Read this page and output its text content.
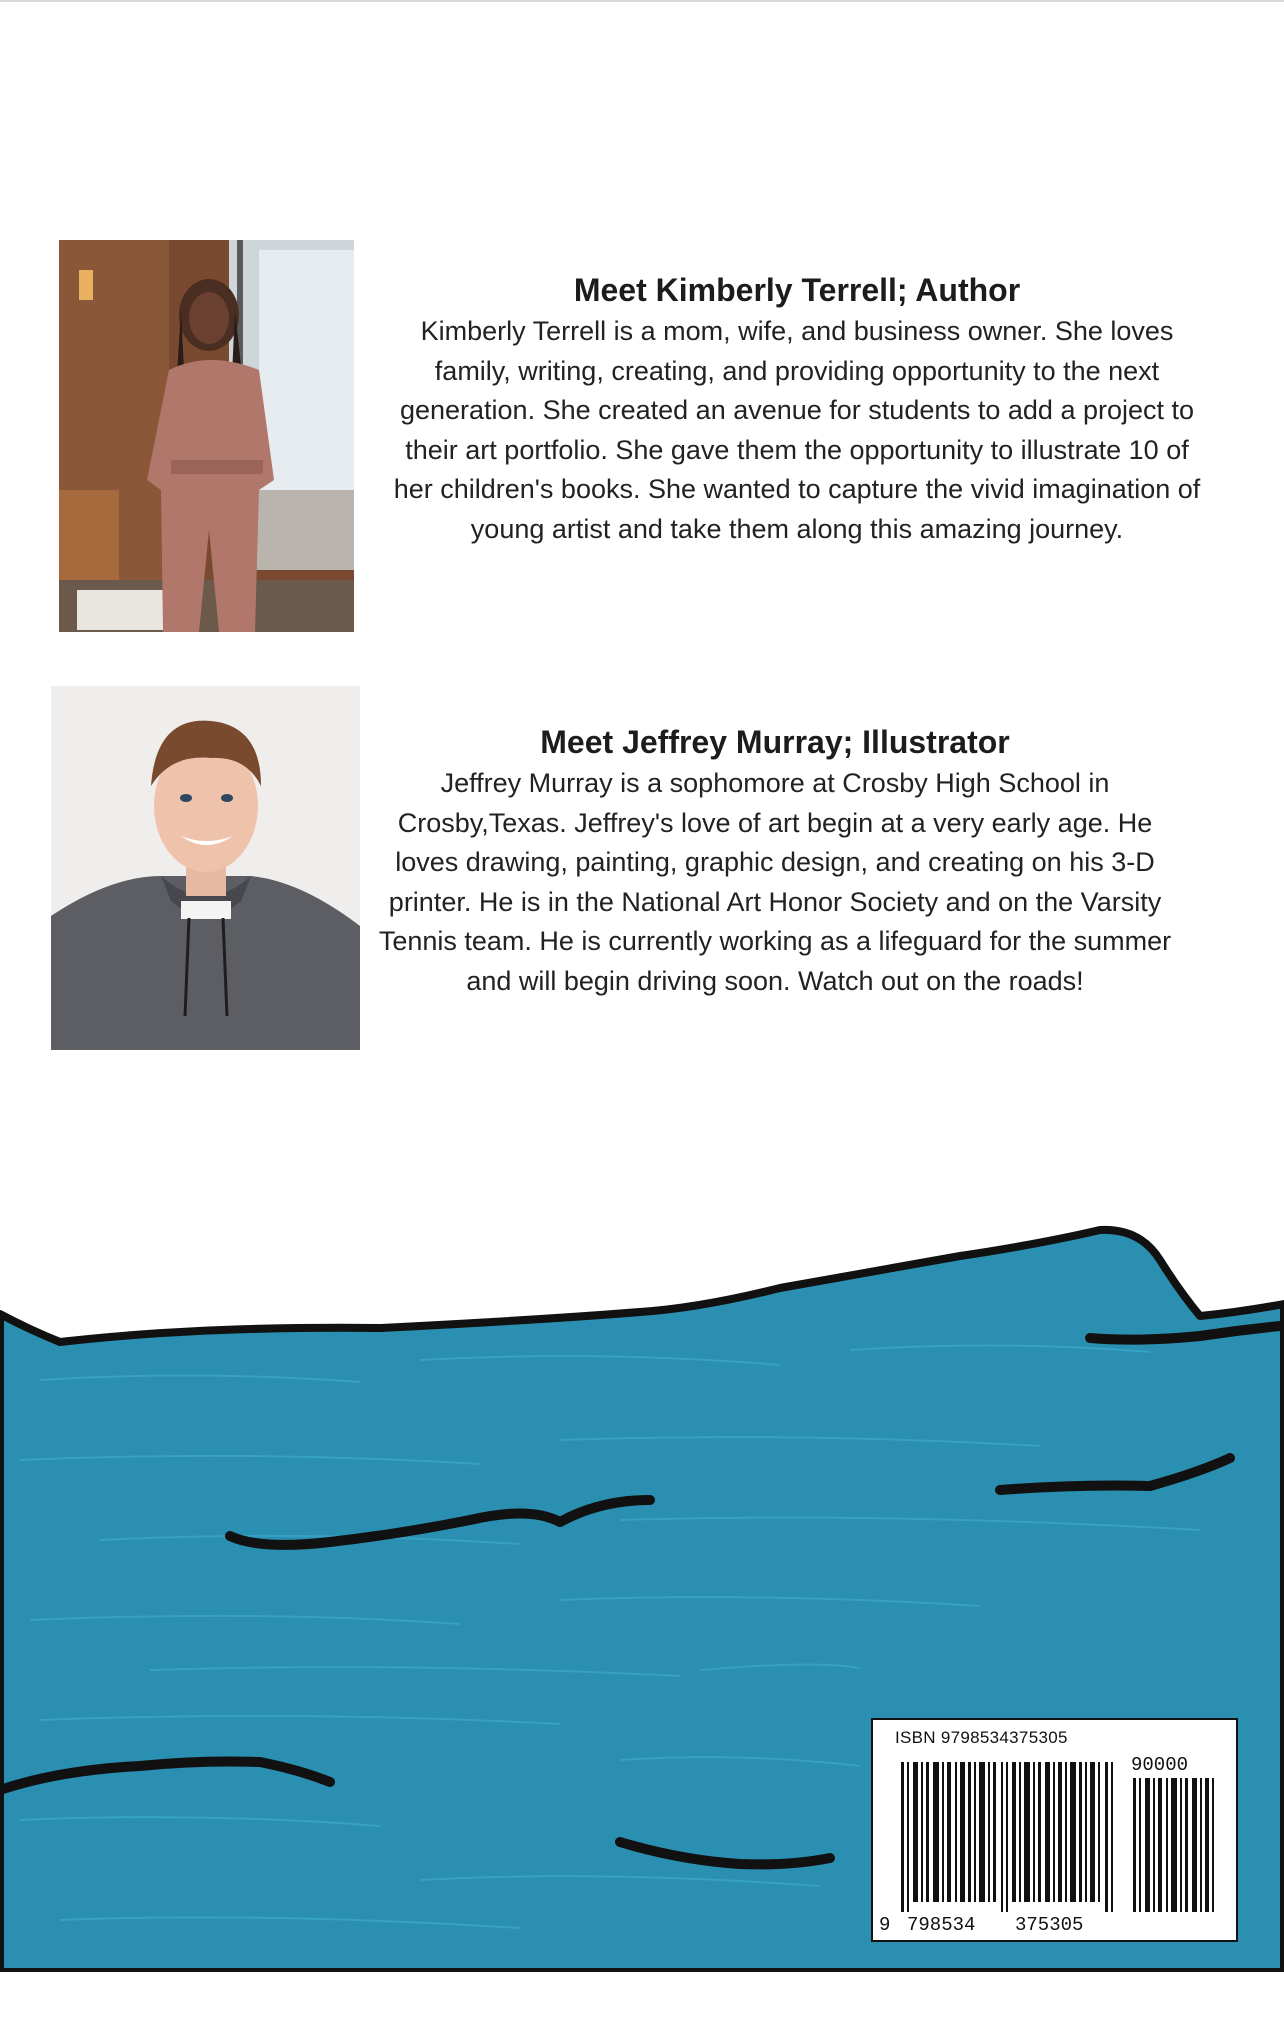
Meet Kimberly Terrell; Author

Kimberly Terrell is a mom, wife, and business owner. She loves family, writing, creating, and providing opportunity to the next generation. She created an avenue for students to add a project to their art portfolio. She gave them the opportunity to illustrate 10 of her children's books. She wanted to capture the vivid imagination of young artist and take them along this amazing journey.

Meet Jeffrey Murray; Illustrator

Jeffrey Murray is a sophomore at Crosby High School in Crosby,Texas. Jeffrey's love of art begin at a very early age. He loves drawing, painting, graphic design, and creating on his 3-D printer. He is in the National Art Honor Society and on the Varsity Tennis team. He is currently working as a lifeguard for the summer and will begin driving soon. Watch out on the roads!

ISBN 9798534375305
90000

9

798534

375305
